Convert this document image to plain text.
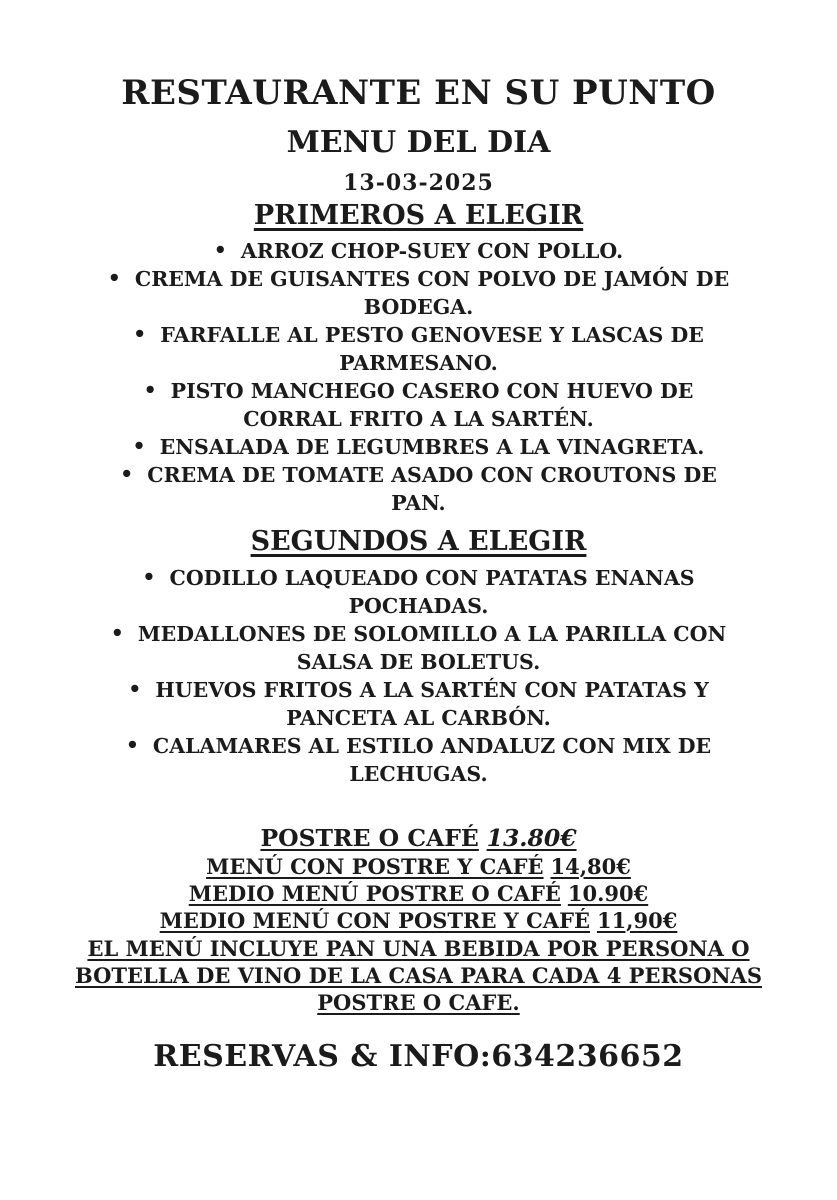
RESTAURANTE EN SU PUNTO
MENU DEL DIA
13-03-2025
PRIMEROS A ELEGIR
• ARROZ CHOP-SUEY CON POLLO.
• CREMA DE GUISANTES CON POLVO DE JAMÓN DE
BODEGA.
• FARFALLE AL PESTO GENOVESE Y LASCAS DE
PARMESANO.
• PISTO MANCHEGO CASERO CON HUEVO DE
CORRAL FRITO A LA SARTÉN.
• ENSALADA DE LEGUMBRES A LA VINAGRETA.
• CREMA DE TOMATE ASADO CON CROUTONS DE
PAN.
SEGUNDOS A ELEGIR
• CODILLO LAQUEADO CON PATATAS ENANAS
POCHADAS.
• MEDALLONES DE SOLOMILLO A LA PARILLA CON
SALSA DE BOLETUS.
• HUEVOS FRITOS A LA SARTÉN CON PATATAS Y
PANCETA AL CARBÓN.
• CALAMARES AL ESTILO ANDALUZ CON MIX DE
LECHUGAS.
POSTRE O CAFÉ 13.80€
MENÚ CON POSTRE Y CAFÉ 14,80€
MEDIO MENÚ POSTRE O CAFÉ 10.90€
MEDIO MENÚ CON POSTRE Y CAFÉ 11,90€
EL MENÚ INCLUYE PAN UNA BEBIDA POR PERSONA O
BOTELLA DE VINO DE LA CASA PARA CADA 4 PERSONAS
POSTRE O CAFE.
RESERVAS & INFO:634236652
